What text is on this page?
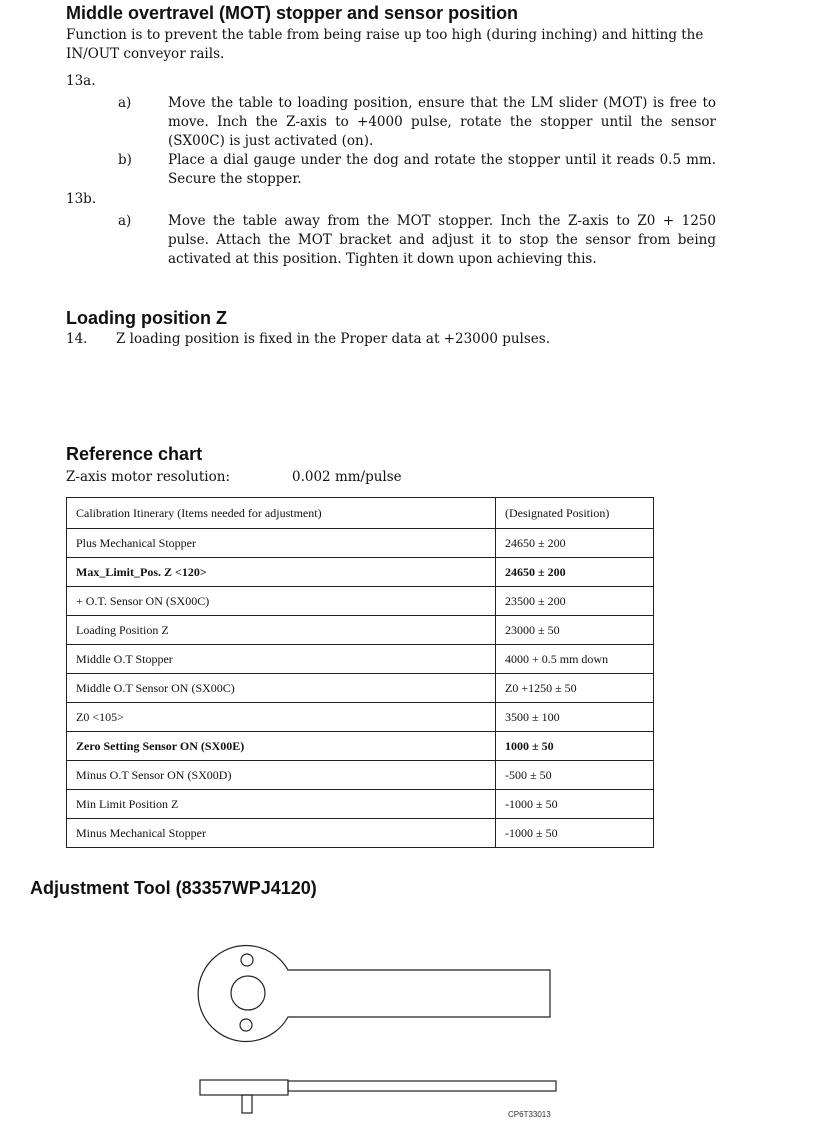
Middle overtravel (MOT) stopper and sensor position
Function is to prevent the table from being raise up too high (during inching) and hitting the IN/OUT conveyor rails.
13a.
a)	Move the table to loading position, ensure that the LM slider (MOT) is free to move. Inch the Z-axis to +4000 pulse, rotate the stopper until the sensor (SX00C) is just activated (on).
b)	Place a dial gauge under the dog and rotate the stopper until it reads 0.5 mm. Secure the stopper.
13b.
a)	Move the table away from the MOT stopper. Inch the Z-axis to Z0 + 1250 pulse. Attach the MOT bracket and adjust it to stop the sensor from being activated at this position. Tighten it down upon achieving this.
Loading position Z
14. Z loading position is fixed in the Proper data at +23000 pulses.
Reference chart
Z-axis motor resolution:	0.002 mm/pulse
Calibration Itinerary (Items needed for adjustment)	(Designated Position)
Plus Mechanical Stopper	24650 ± 200
Max_Limit_Pos. Z <120>	24650 ± 200
+ O.T. Sensor ON (SX00C)	23500 ± 200
Loading Position Z	23000 ± 50
Middle O.T Stopper	4000 + 0.5 mm down
Middle O.T Sensor ON (SX00C)	Z0 +1250 ± 50
Z0 <105>	3500 ± 100
Zero Setting Sensor ON (SX00E)	1000 ± 50
Minus O.T Sensor ON (SX00D)	-500 ± 50
Min Limit Position Z	-1000 ± 50
Minus Mechanical Stopper	-1000 ± 50
Adjustment Tool (83357WPJ4120)
CP6T33013
